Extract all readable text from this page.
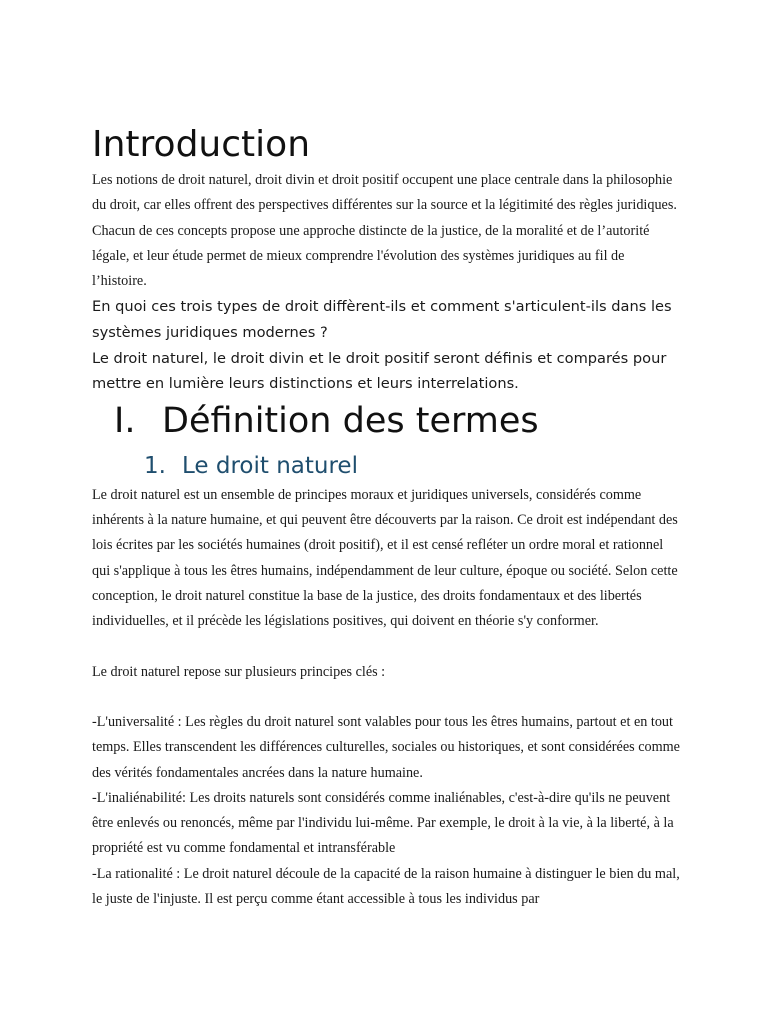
Introduction

Les notions de droit naturel, droit divin et droit positif occupent une place centrale dans la philosophie du droit, car elles offrent des perspectives différentes sur la source et la légitimité des règles juridiques. Chacun de ces concepts propose une approche distincte de la justice, de la moralité et de l’autorité légale, et leur étude permet de mieux comprendre l'évolution des systèmes juridiques au fil de l’histoire.

En quoi ces trois types de droit diffèrent-ils et comment s'articulent-ils dans les systèmes juridiques modernes ?

Le droit naturel, le droit divin et le droit positif seront définis et comparés pour mettre en lumière leurs distinctions et leurs interrelations.

I. Définition des termes
1. Le droit naturel

Le droit naturel est un ensemble de principes moraux et juridiques universels, considérés comme inhérents à la nature humaine, et qui peuvent être découverts par la raison. Ce droit est indépendant des lois écrites par les sociétés humaines (droit positif), et il est censé refléter un ordre moral et rationnel qui s'applique à tous les êtres humains, indépendamment de leur culture, époque ou société. Selon cette conception, le droit naturel constitue la base de la justice, des droits fondamentaux et des libertés individuelles, et il précède les législations positives, qui doivent en théorie s'y conformer.

Le droit naturel repose sur plusieurs principes clés :

-L'universalité : Les règles du droit naturel sont valables pour tous les êtres humains, partout et en tout temps. Elles transcendent les différences culturelles, sociales ou historiques, et sont considérées comme des vérités fondamentales ancrées dans la nature humaine.

-L'inaliénabilité: Les droits naturels sont considérés comme inaliénables, c'est-à-dire qu'ils ne peuvent être enlevés ou renoncés, même par l'individu lui-même. Par exemple, le droit à la vie, à la liberté, à la propriété est vu comme fondamental et intransférable

-La rationalité : Le droit naturel découle de la capacité de la raison humaine à distinguer le bien du mal, le juste de l'injuste. Il est perçu comme étant accessible à tous les individus par
